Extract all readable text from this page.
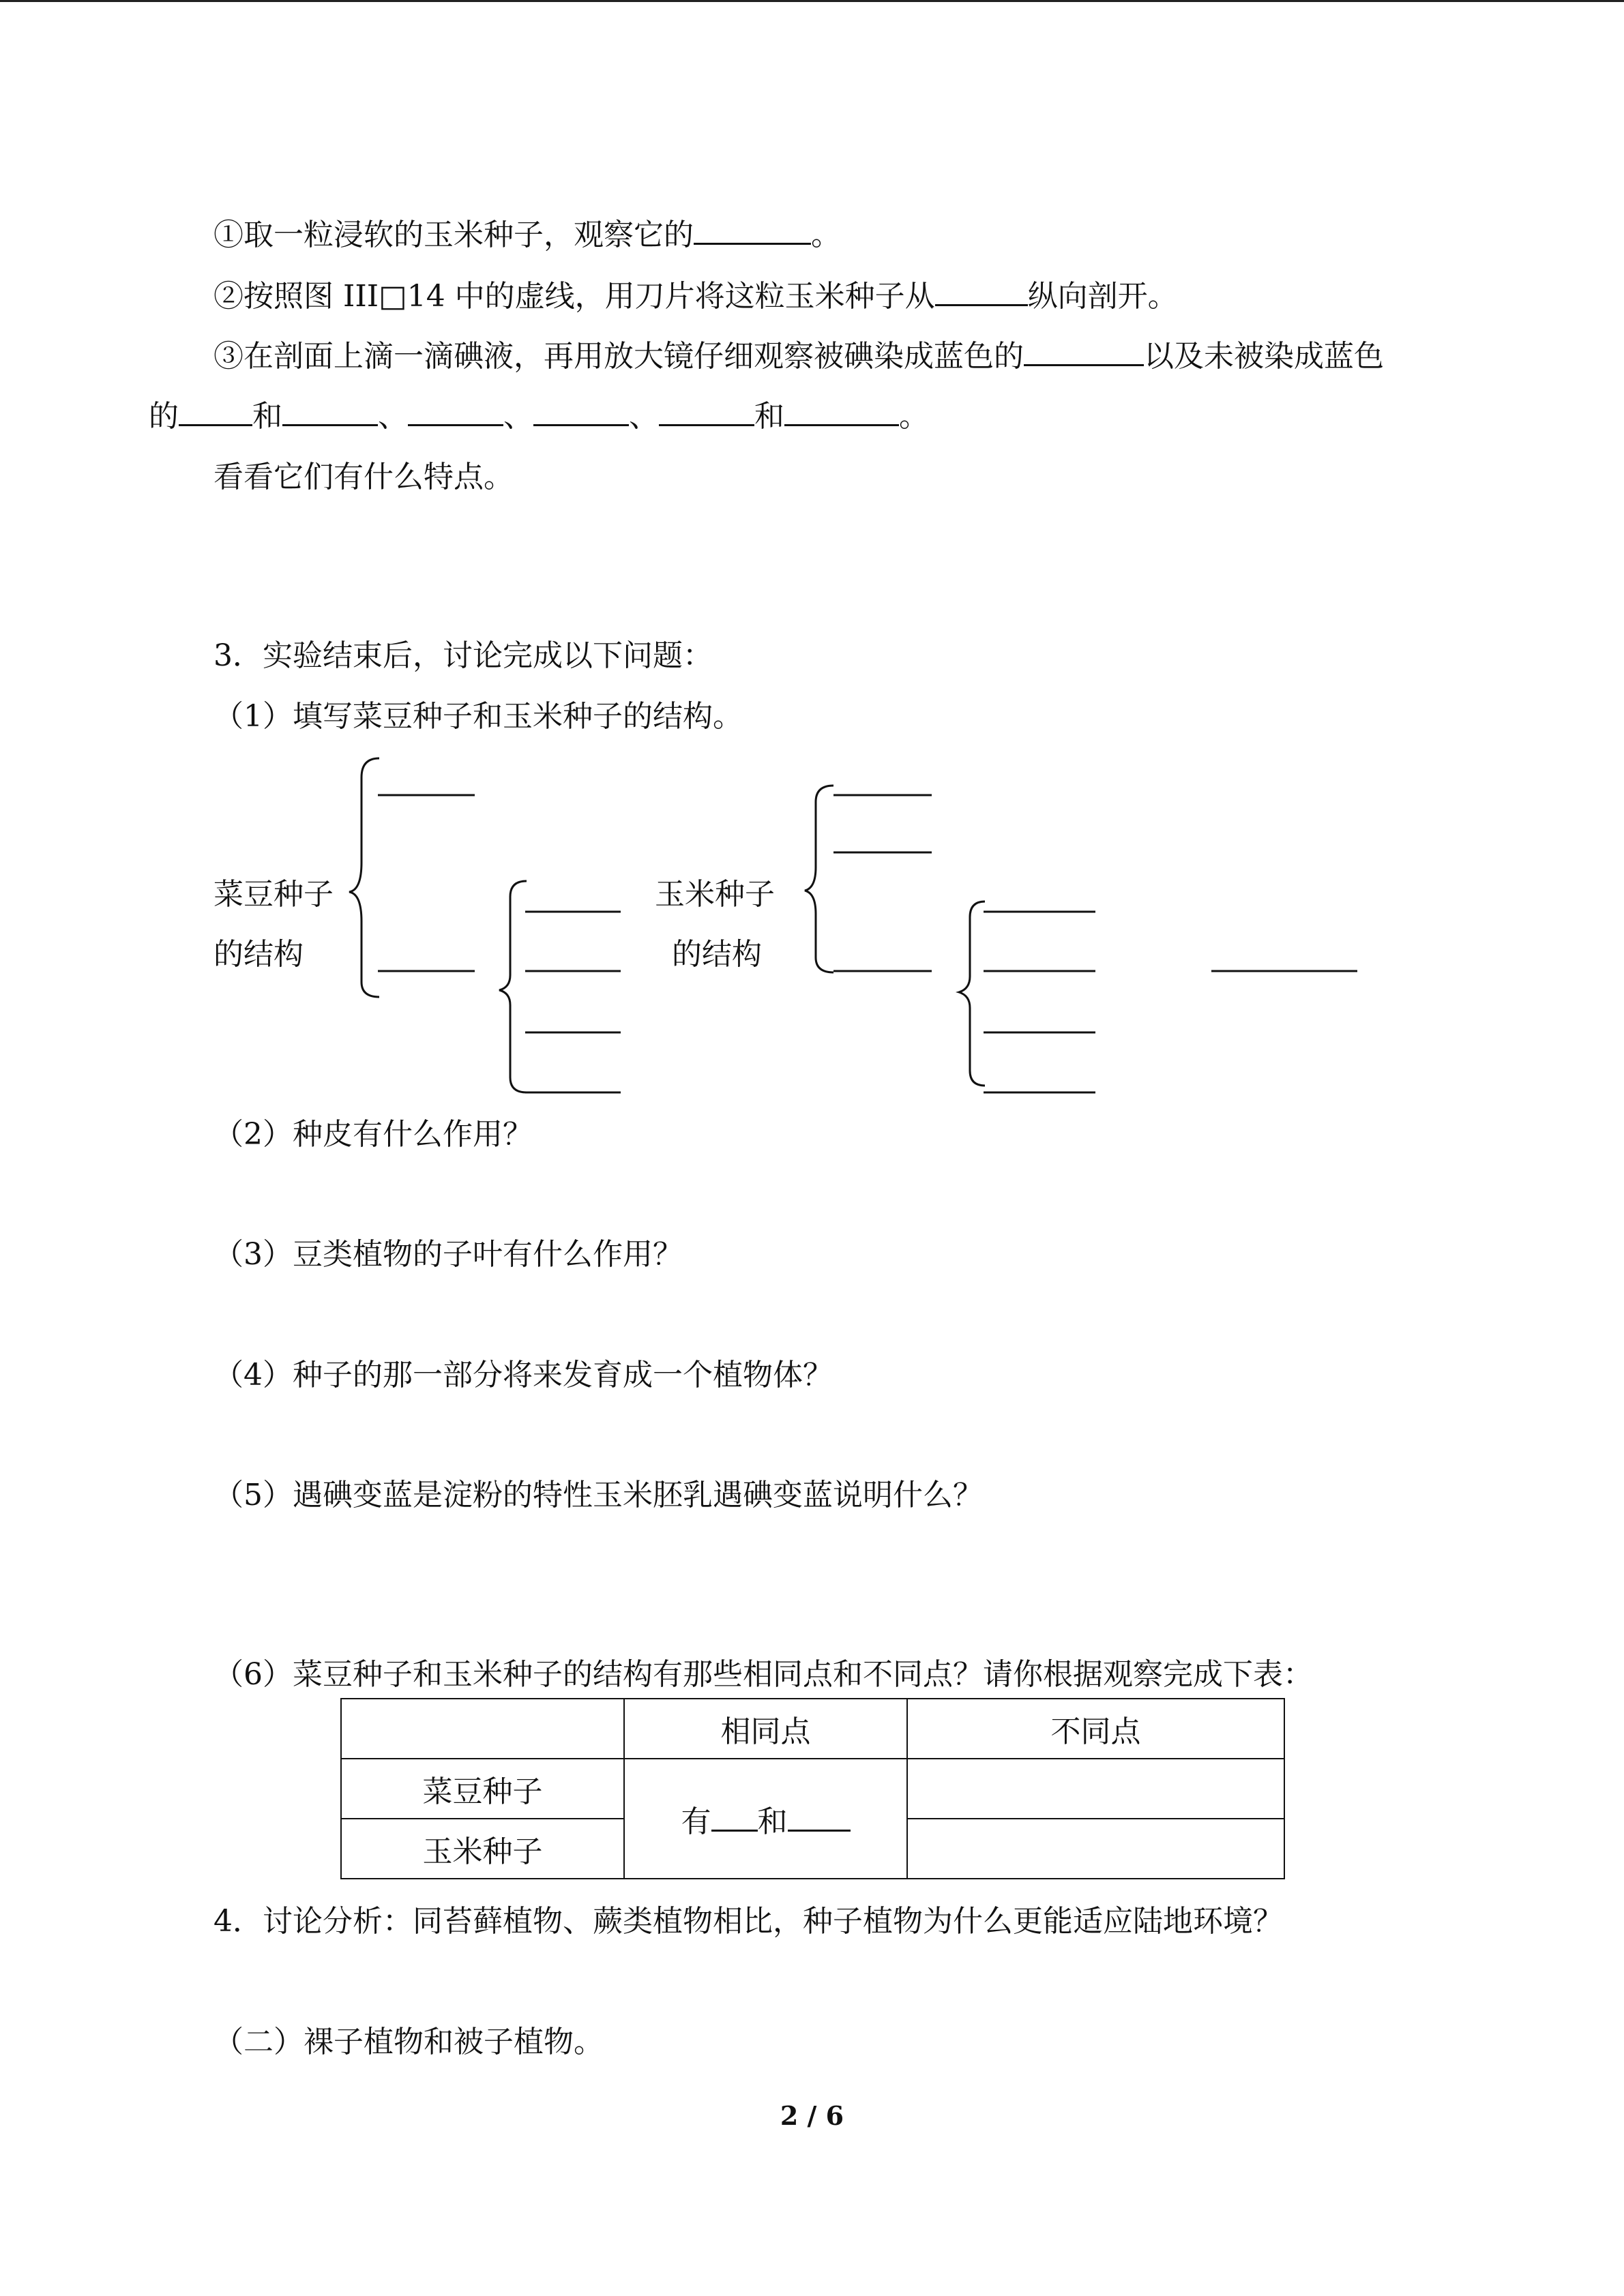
①取一粒浸软的玉米种子，观察它的	。
②按照图 III□14 中的虚线，用刀片将这粒玉米种子从	纵向剖开。
③在剖面上滴一滴碘液，再用放大镜仔细观察被碘染成蓝色的	以及未被染成蓝色
的 和	、	、	、	和	。
看看它们有什么特点。
3．实验结束后，讨论完成以下问题：
（1）填写菜豆种子和玉米种子的结构。
菜豆种子
的结构
玉米种子
的结构
（2）种皮有什么作用？
（3）豆类植物的子叶有什么作用？
（4）种子的那一部分将来发育成一个植物体？
（5）遇碘变蓝是淀粉的特性玉米胚乳遇碘变蓝说明什么？
（6）菜豆种子和玉米种子的结构有那些相同点和不同点？请你根据观察完成下表：
	相同点	不同点
菜豆种子	有 和	
玉米种子		
4．讨论分析：同苔藓植物、蕨类植物相比，种子植物为什么更能适应陆地环境？
（二）裸子植物和被子植物。
2 / 6
